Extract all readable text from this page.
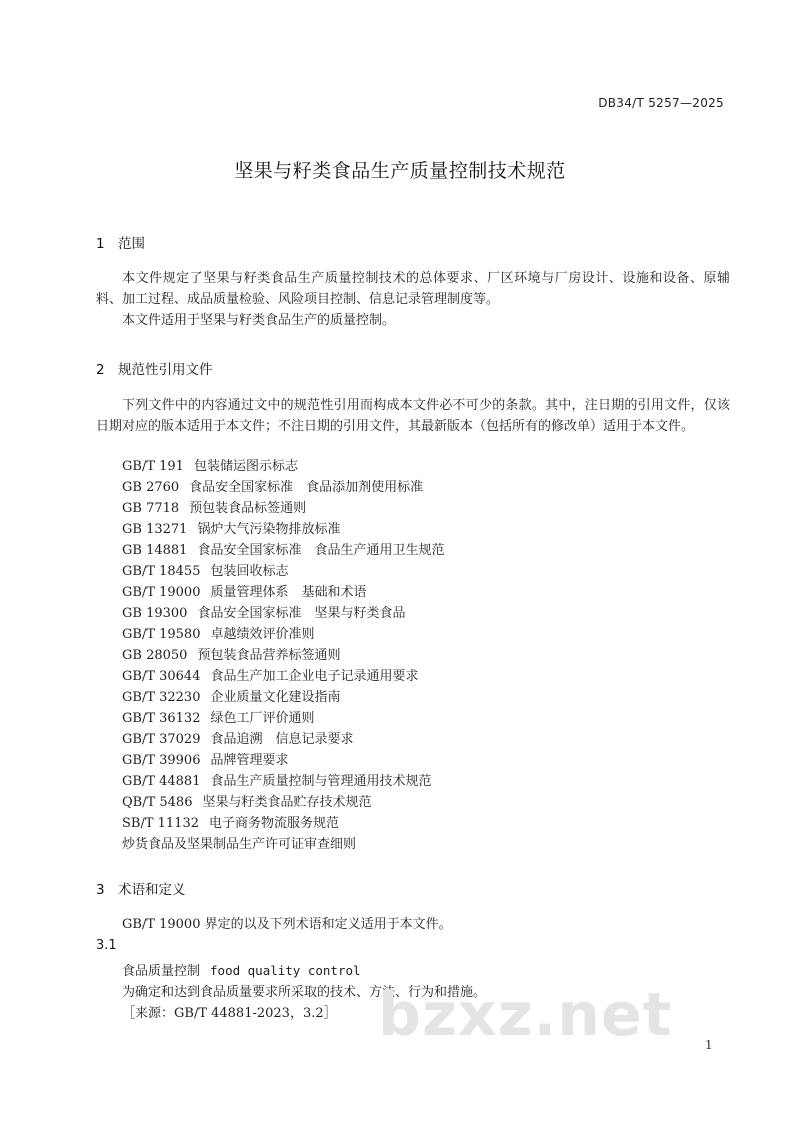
DB34/T 5257—2025
坚果与籽类食品生产质量控制技术规范
1 范围

本文件规定了坚果与籽类食品生产质量控制技术的总体要求、厂区环境与厂房设计、设施和设备、原辅料、加工过程、成品质量检验、风险项目控制、信息记录管理制度等。

本文件适用于坚果与籽类食品生产的质量控制。

2 规范性引用文件

下列文件中的内容通过文中的规范性引用而构成本文件必不可少的条款。其中，注日期的引用文件，仅该日期对应的版本适用于本文件；不注日期的引用文件，其最新版本（包括所有的修改单）适用于本文件。

GB/T 191 包装储运图示标志
GB 2760 食品安全国家标准　食品添加剂使用标准
GB 7718 预包装食品标签通则
GB 13271 锅炉大气污染物排放标准
GB 14881 食品安全国家标准　食品生产通用卫生规范
GB/T 18455 包装回收标志
GB/T 19000 质量管理体系　基础和术语
GB 19300 食品安全国家标准　坚果与籽类食品
GB/T 19580 卓越绩效评价准则
GB 28050 预包装食品营养标签通则
GB/T 30644 食品生产加工企业电子记录通用要求
GB/T 32230 企业质量文化建设指南
GB/T 36132 绿色工厂评价通则
GB/T 37029 食品追溯　信息记录要求
GB/T 39906 品牌管理要求
GB/T 44881 食品生产质量控制与管理通用技术规范
QB/T 5486 坚果与籽类食品贮存技术规范
SB/T 11132 电子商务物流服务规范
炒货食品及坚果制品生产许可证审查细则
3 术语和定义

GB/T 19000 界定的以及下列术语和定义适用于本文件。

3.1
食品质量控制 food quality control
为确定和达到食品质量要求所采取的技术、方法、行为和措施。
［来源：GB/T 44881-2023，3.2］ bzxz.net	1
